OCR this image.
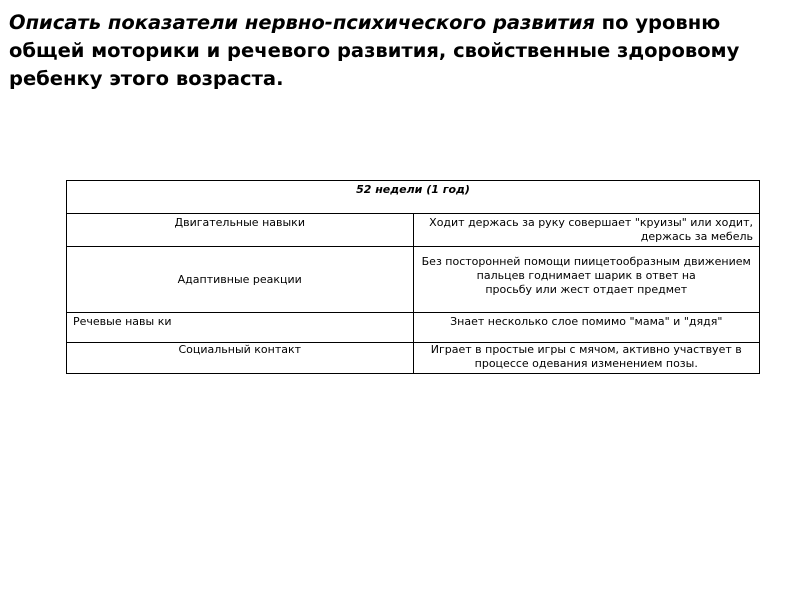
Описать показатели нервно-психического развития по уровню общей моторики и речевого развития, свойственные здоровому ребенку этого возраста.
52 недели (1 год)	
Двигательные навыки	Ходит держась за руку совершает "круизы" или ходит, держась за мебель

Адаптивные реакции	Без посторонней помощи пиицетообразным движением пальцев годнимает шарик в ответ на
просьбу или жест отдает предмет

Речевые навы ки	Знает несколько слое помимо "мама" и "дядя"

Социальный контакт	Играет в простые игры с мячом, активно участвует в процессе одевания изменением позы.
